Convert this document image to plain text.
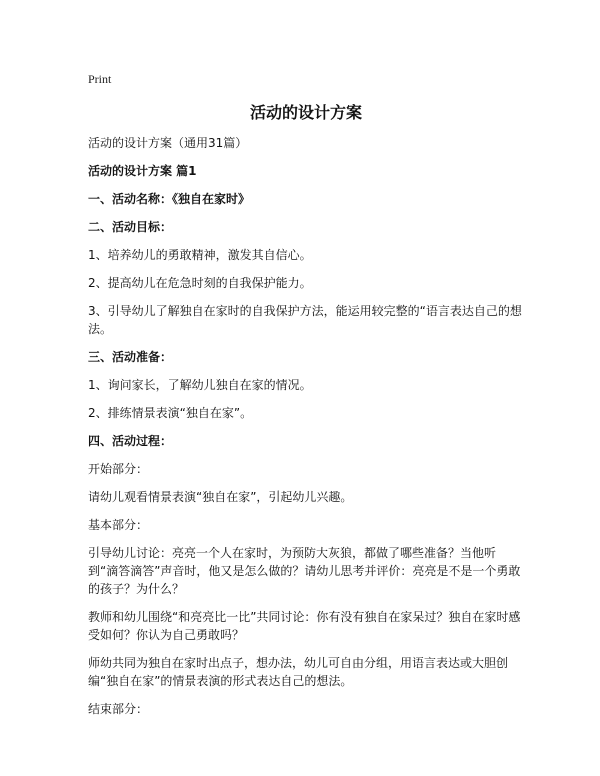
Print
活动的设计方案

活动的设计方案（通用31篇）

活动的设计方案 篇1

一、活动名称：《独自在家时》

二、活动目标：

1、培养幼儿的勇敢精神，激发其自信心。

2、提高幼儿在危急时刻的自我保护能力。

3、引导幼儿了解独自在家时的自我保护方法，能运用较完整的“语言表达自己的想法。

三、活动准备：

1、询问家长，了解幼儿独自在家的情况。

2、排练情景表演“独自在家”。

四、活动过程：

开始部分：

请幼儿观看情景表演“独自在家”，引起幼儿兴趣。

基本部分：

引导幼儿讨论：亮亮一个人在家时，为预防大灰狼，都做了哪些准备？当他听到“滴答滴答”声音时，他又是怎么做的？请幼儿思考并评价：亮亮是不是一个勇敢的孩子？为什么？

教师和幼儿围绕“和亮亮比一比”共同讨论：你有没有独自在家呆过？独自在家时感受如何？你认为自己勇敢吗？

师幼共同为独自在家时出点子，想办法，幼儿可自由分组，用语言表达或大胆创编“独自在家”的情景表演的形式表达自己的想法。

结束部分：
